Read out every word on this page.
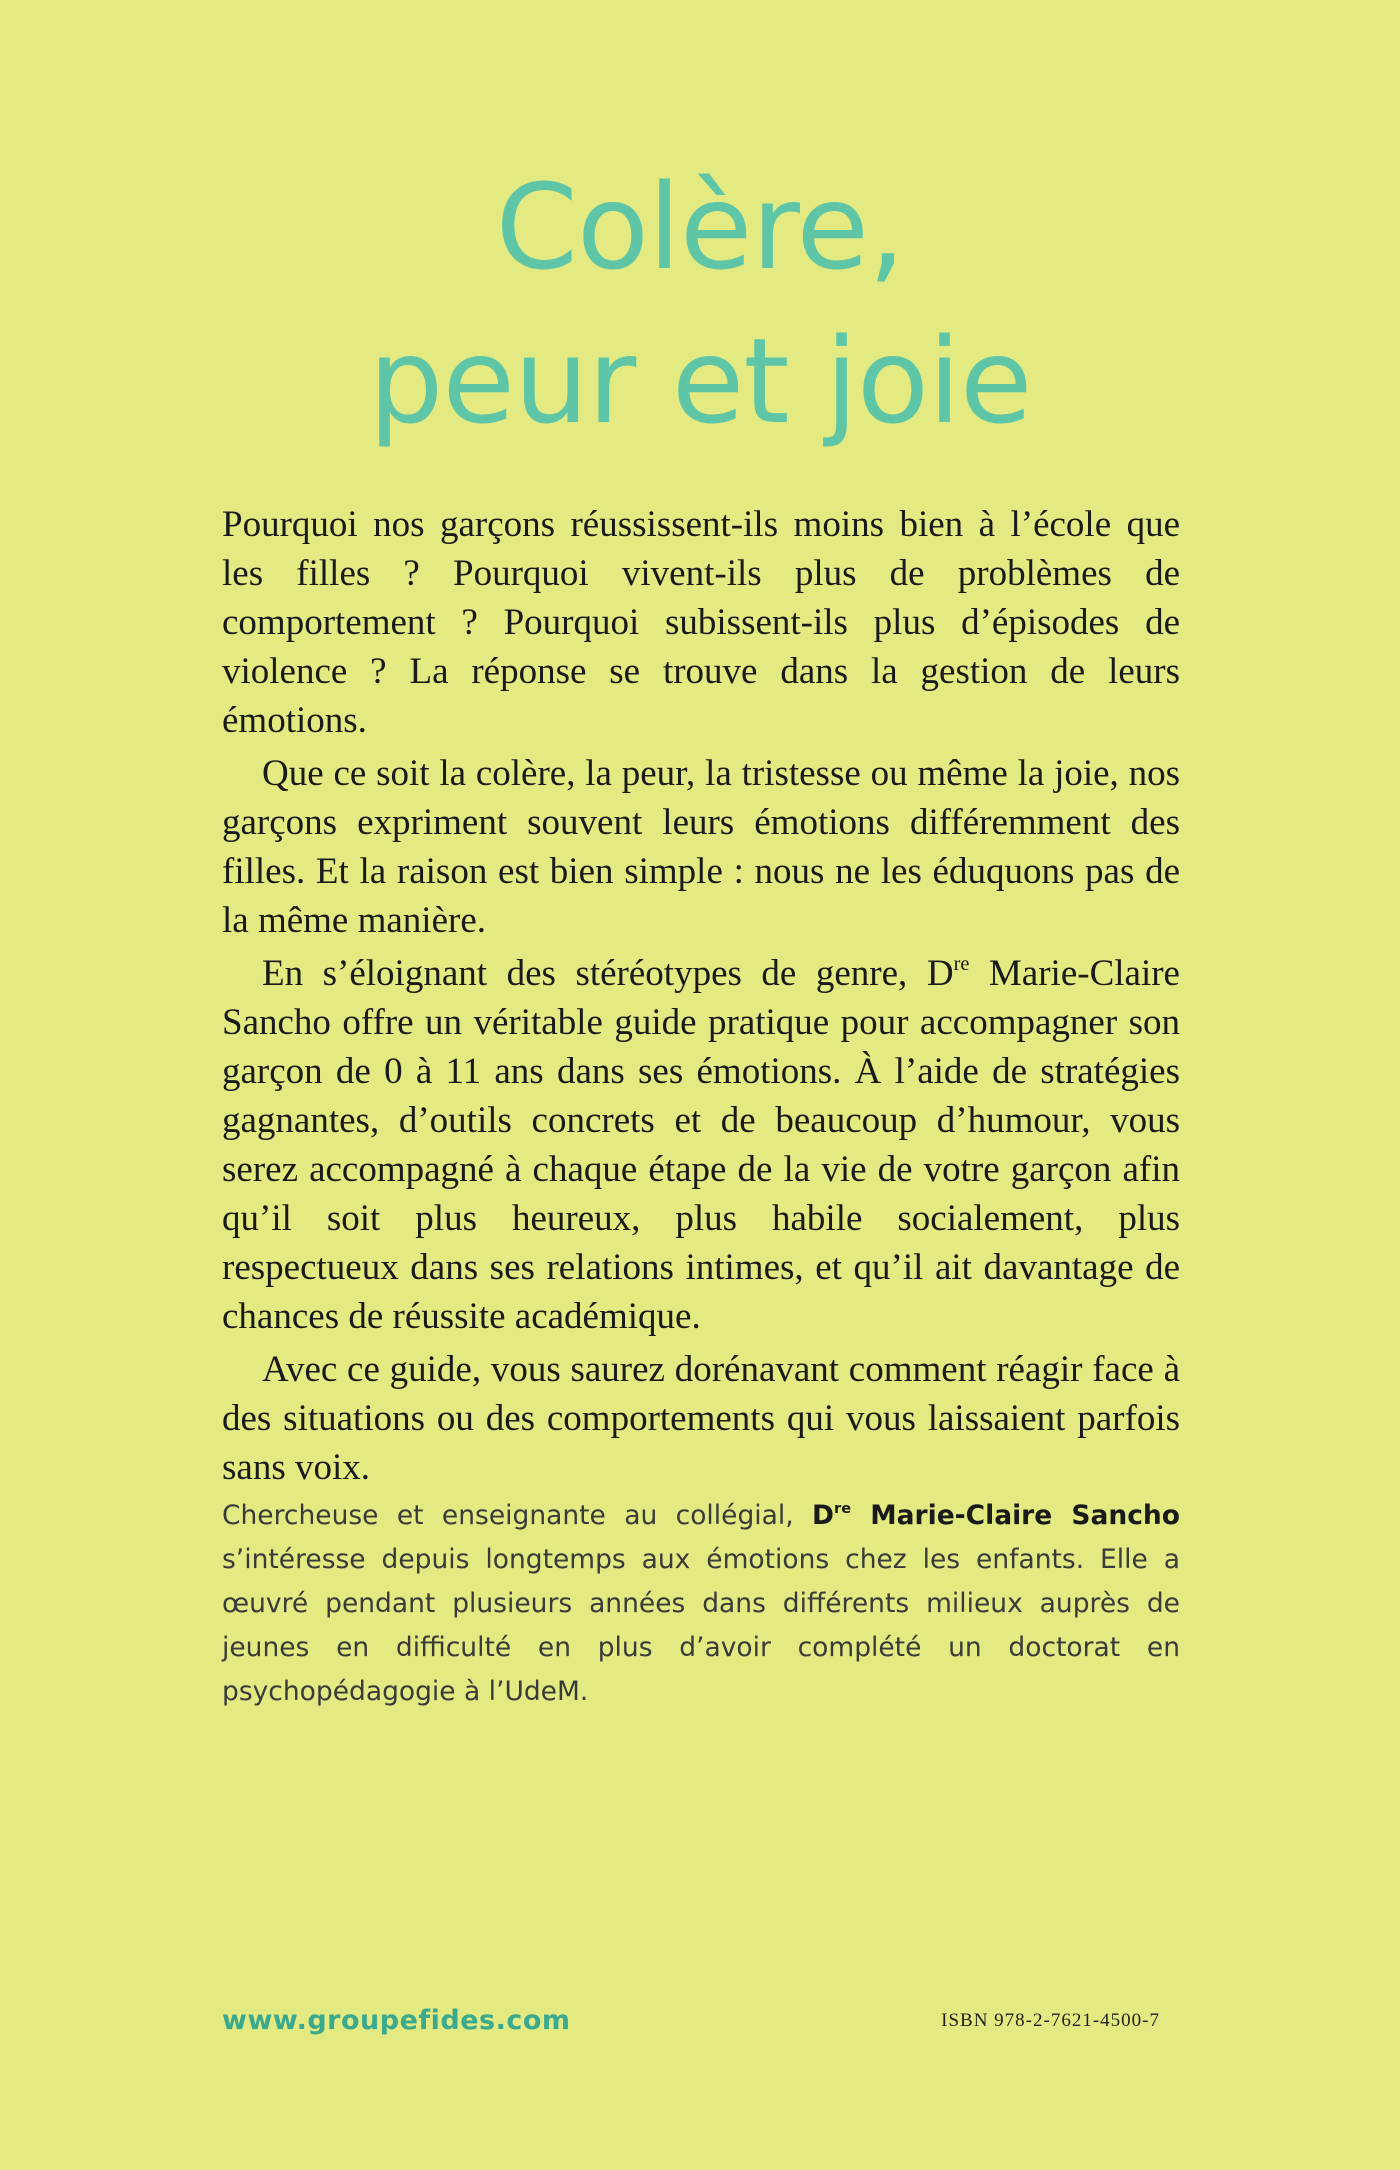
Colère,
peur et joie

Pourquoi nos garçons réussissent-ils moins bien à l’école que les filles ? Pourquoi vivent-ils plus de problèmes de comportement ? Pourquoi subissent-ils plus d’épisodes de violence ? La réponse se trouve dans la gestion de leurs émotions.

Que ce soit la colère, la peur, la tristesse ou même la joie, nos garçons expriment souvent leurs émotions différemment des filles. Et la raison est bien simple : nous ne les éduquons pas de la même manière.

En s’éloignant des stéréotypes de genre, Dre Marie-Claire Sancho offre un véritable guide pratique pour accompagner son garçon de 0 à 11 ans dans ses émotions. À l’aide de stratégies gagnantes, d’outils concrets et de beaucoup d’humour, vous serez accompagné à chaque étape de la vie de votre garçon afin qu’il soit plus heureux, plus habile socialement, plus respectueux dans ses relations intimes, et qu’il ait davantage de chances de réussite académique.

Avec ce guide, vous saurez dorénavant comment réagir face à des situations ou des comportements qui vous laissaient parfois sans voix.

Chercheuse et enseignante au collégial, Dre Marie-Claire Sancho s’intéresse depuis longtemps aux émotions chez les enfants. Elle a œuvré pendant plusieurs années dans différents milieux auprès de jeunes en difficulté en plus d’avoir complété un doctorat en psychopédagogie à l’UdeM.

www.groupefides.com	ISBN 978-2-7621-4500-7
